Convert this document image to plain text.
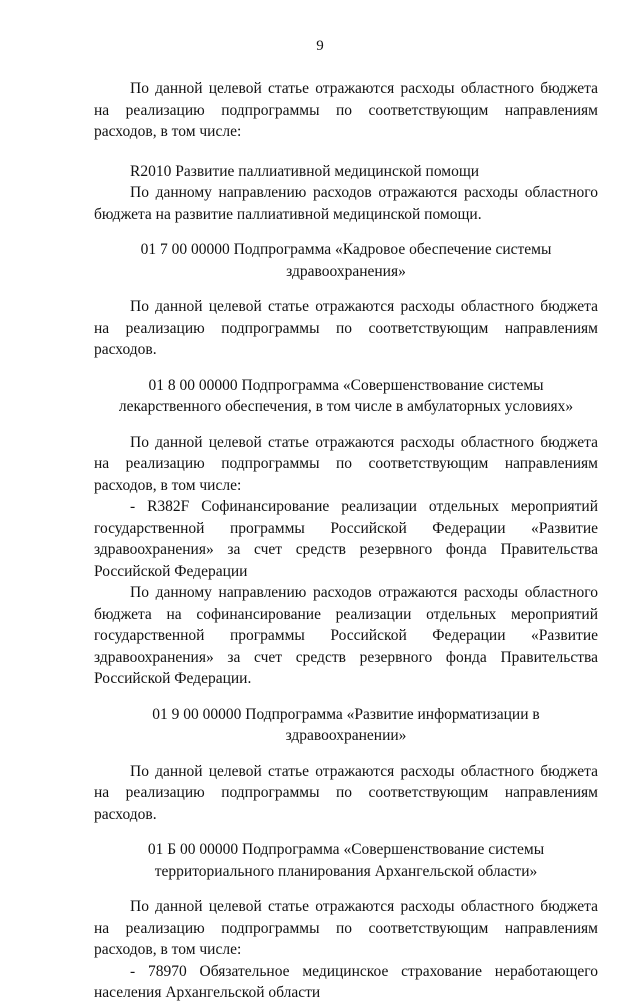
9

По данной целевой статье отражаются расходы областного бюджета на реализацию подпрограммы по соответствующим направлениям расходов, в том числе:

R2010 Развитие паллиативной медицинской помощи

По данному направлению расходов отражаются расходы областного бюджета на развитие паллиативной медицинской помощи.

01 7 00 00000 Подпрограмма «Кадровое обеспечение системы здравоохранения»

По данной целевой статье отражаются расходы областного бюджета на реализацию подпрограммы по соответствующим направлениям расходов.

01 8 00 00000 Подпрограмма «Совершенствование системы лекарственного обеспечения, в том числе в амбулаторных условиях»

По данной целевой статье отражаются расходы областного бюджета на реализацию подпрограммы по соответствующим направлениям расходов, в том числе:

- R382F Софинансирование реализации отдельных мероприятий государственной программы Российской Федерации «Развитие здравоохранения» за счет средств резервного фонда Правительства Российской Федерации

По данному направлению расходов отражаются расходы областного бюджета на софинансирование реализации отдельных мероприятий государственной программы Российской Федерации «Развитие здравоохранения» за счет средств резервного фонда Правительства Российской Федерации.

01 9 00 00000 Подпрограмма «Развитие информатизации в здравоохранении»

По данной целевой статье отражаются расходы областного бюджета на реализацию подпрограммы по соответствующим направлениям расходов.

01 Б 00 00000 Подпрограмма «Совершенствование системы территориального планирования Архангельской области»

По данной целевой статье отражаются расходы областного бюджета на реализацию подпрограммы по соответствующим направлениям расходов, в том числе:

- 78970 Обязательное медицинское страхование неработающего населения Архангельской области
